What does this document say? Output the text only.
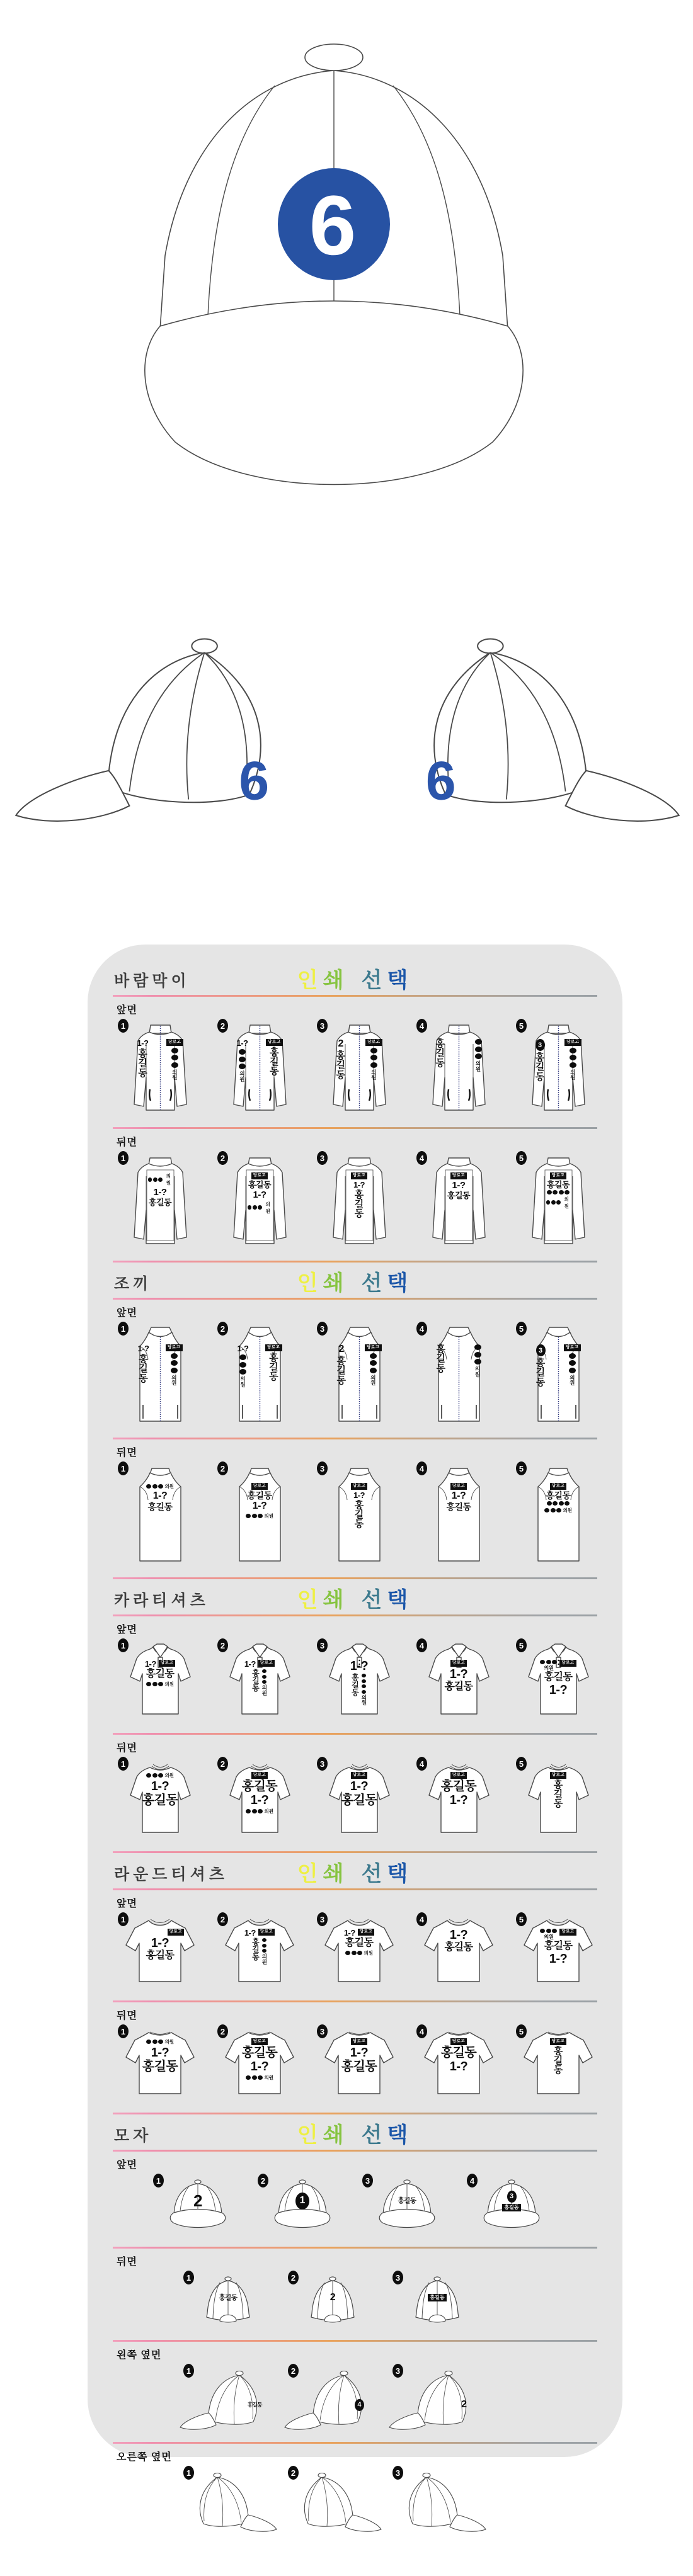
6
6	6
바람막이	인쇄 선택
앞면
1
1-?
홍
길
동
당로고
의
원
2
1-?
의
원
당로고
홍
길
동
3
2
홍
길
동
당로고
의
원
4
홍
길
동	의
원
5
3
홍
길
동
당로고
의
원
뒤면
1
의원
1-?
홍길동
2
당로고
홍길동
1-?
의원
3
당로고
1-?
홍
길
동
4
당로고
1-?
홍길동
5
당로고
홍길동
의원
조끼	인쇄 선택
앞면
1
1-?
홍
길
동
당로고
의
원
2
1-?
의
원
당로고
홍
길
동
3
2
홍
길
동
당로고
의
원
4
홍
길
동	의
원
5
3
홍
길
동
당로고
의
원
뒤면
1
의원
1-?
홍길동
2
당로고
홍길동
1-?
의원
3
당로고
1-?
홍
길
동
4
당로고
1-?
홍길동
5
당로고
홍길동
의원
카라티셔츠	인쇄 선택
앞면
1
1-?	당로고
홍길동
의원
2
1-?	당로고
홍
길
동 의
원
3
1-?
홍
길
동
의
원
4
당로고
1-?
홍길동
5
의원
당로고
홍길동
1-?
뒤면
1
의원
1-?
홍길동
2
당로고
홍길동
1-?
의원
3
당로고
1-?
홍길동
4
당로고
홍길동
1-?
5
당로고
홍
길
동
라운드티셔츠	인쇄 선택
앞면
1
당로고
1-?
홍길동
2
1-?	당로고
홍
길
동 의
원
3
1-?	당로고
홍길동
의원
4
1-?
홍길동
5
의원
당로고
홍길동
1-?
뒤면
1
의원
1-?
홍길동
2
당로고
홍길동
1-?
의원
3
당로고
1-?
홍길동
4
당로고
홍길동
1-?
5
당로고
홍
길
동
모자	인쇄 선택
앞면
1
2
2
1
3
홍길동
4
3
홍길동
뒤면
1
홍길동
2
2
3
홍길동
왼쪽 옆면
1
홍길동
2
4
3
2
오른쪽 옆면
1	2	3
